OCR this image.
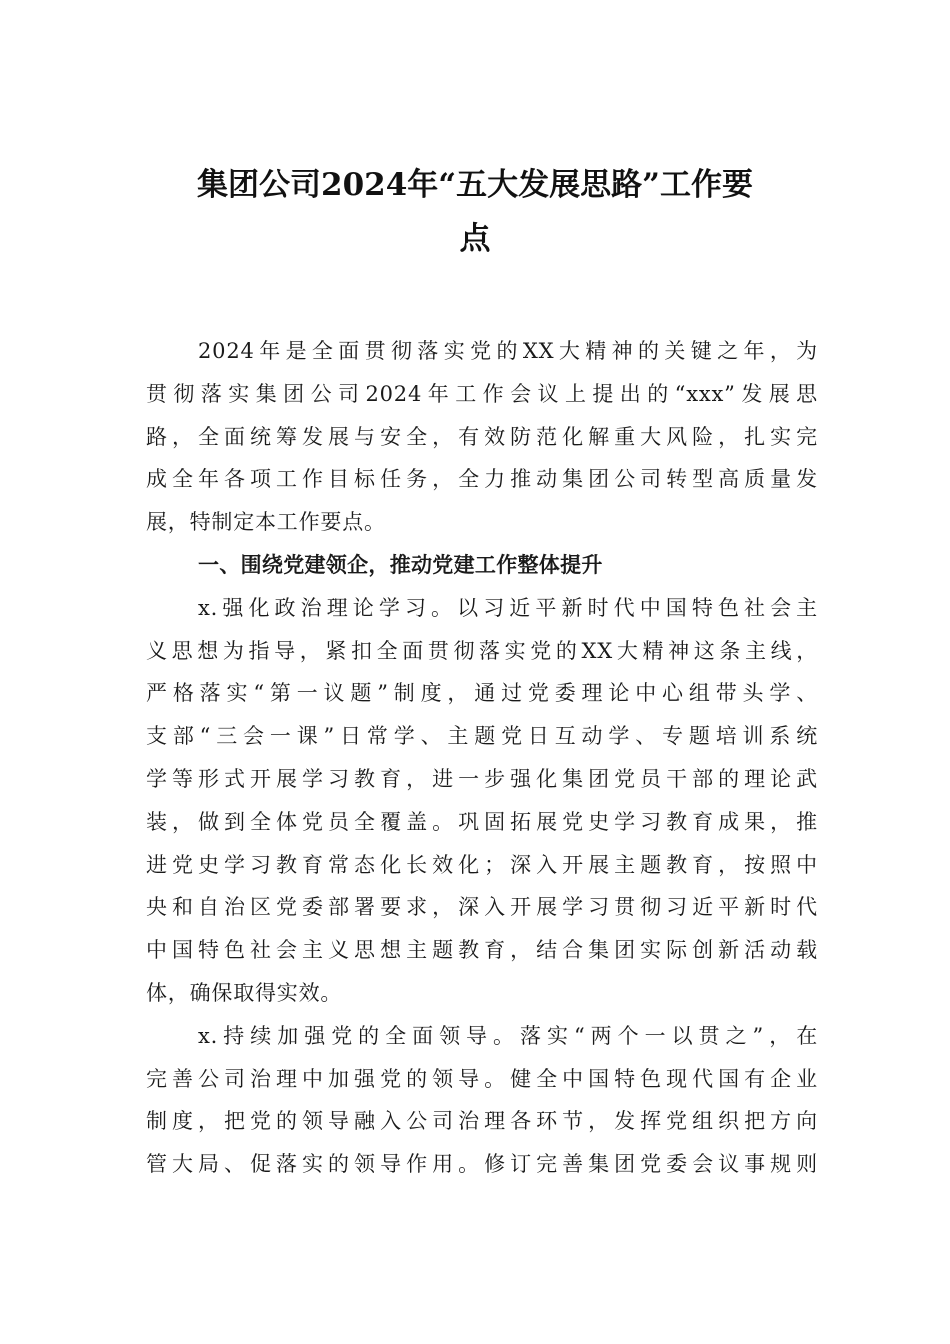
集团公司2024年“五大发展思路”工作要
点
2024年是全面贯彻落实党的XX大精神的关键之年，为
贯彻落实集团公司2024年工作会议上提出的“xxx”发展思
路，全面统筹发展与安全，有效防范化解重大风险，扎实完
成全年各项工作目标任务，全力推动集团公司转型高质量发
展，特制定本工作要点。
一、围绕党建领企，推动党建工作整体提升
x.强化政治理论学习。以习近平新时代中国特色社会主
义思想为指导，紧扣全面贯彻落实党的XX大精神这条主线，
严格落实“第一议题”制度，通过党委理论中心组带头学、
支部“三会一课”日常学、主题党日互动学、专题培训系统
学等形式开展学习教育，进一步强化集团党员干部的理论武
装，做到全体党员全覆盖。巩固拓展党史学习教育成果，推
进党史学习教育常态化长效化；深入开展主题教育，按照中
央和自治区党委部署要求，深入开展学习贯彻习近平新时代
中国特色社会主义思想主题教育，结合集团实际创新活动载
体，确保取得实效。
x.持续加强党的全面领导。落实“两个一以贯之”，在
完善公司治理中加强党的领导。健全中国特色现代国有企业
制度，把党的领导融入公司治理各环节，发挥党组织把方向
管大局、促落实的领导作用。修订完善集团党委会议事规则
